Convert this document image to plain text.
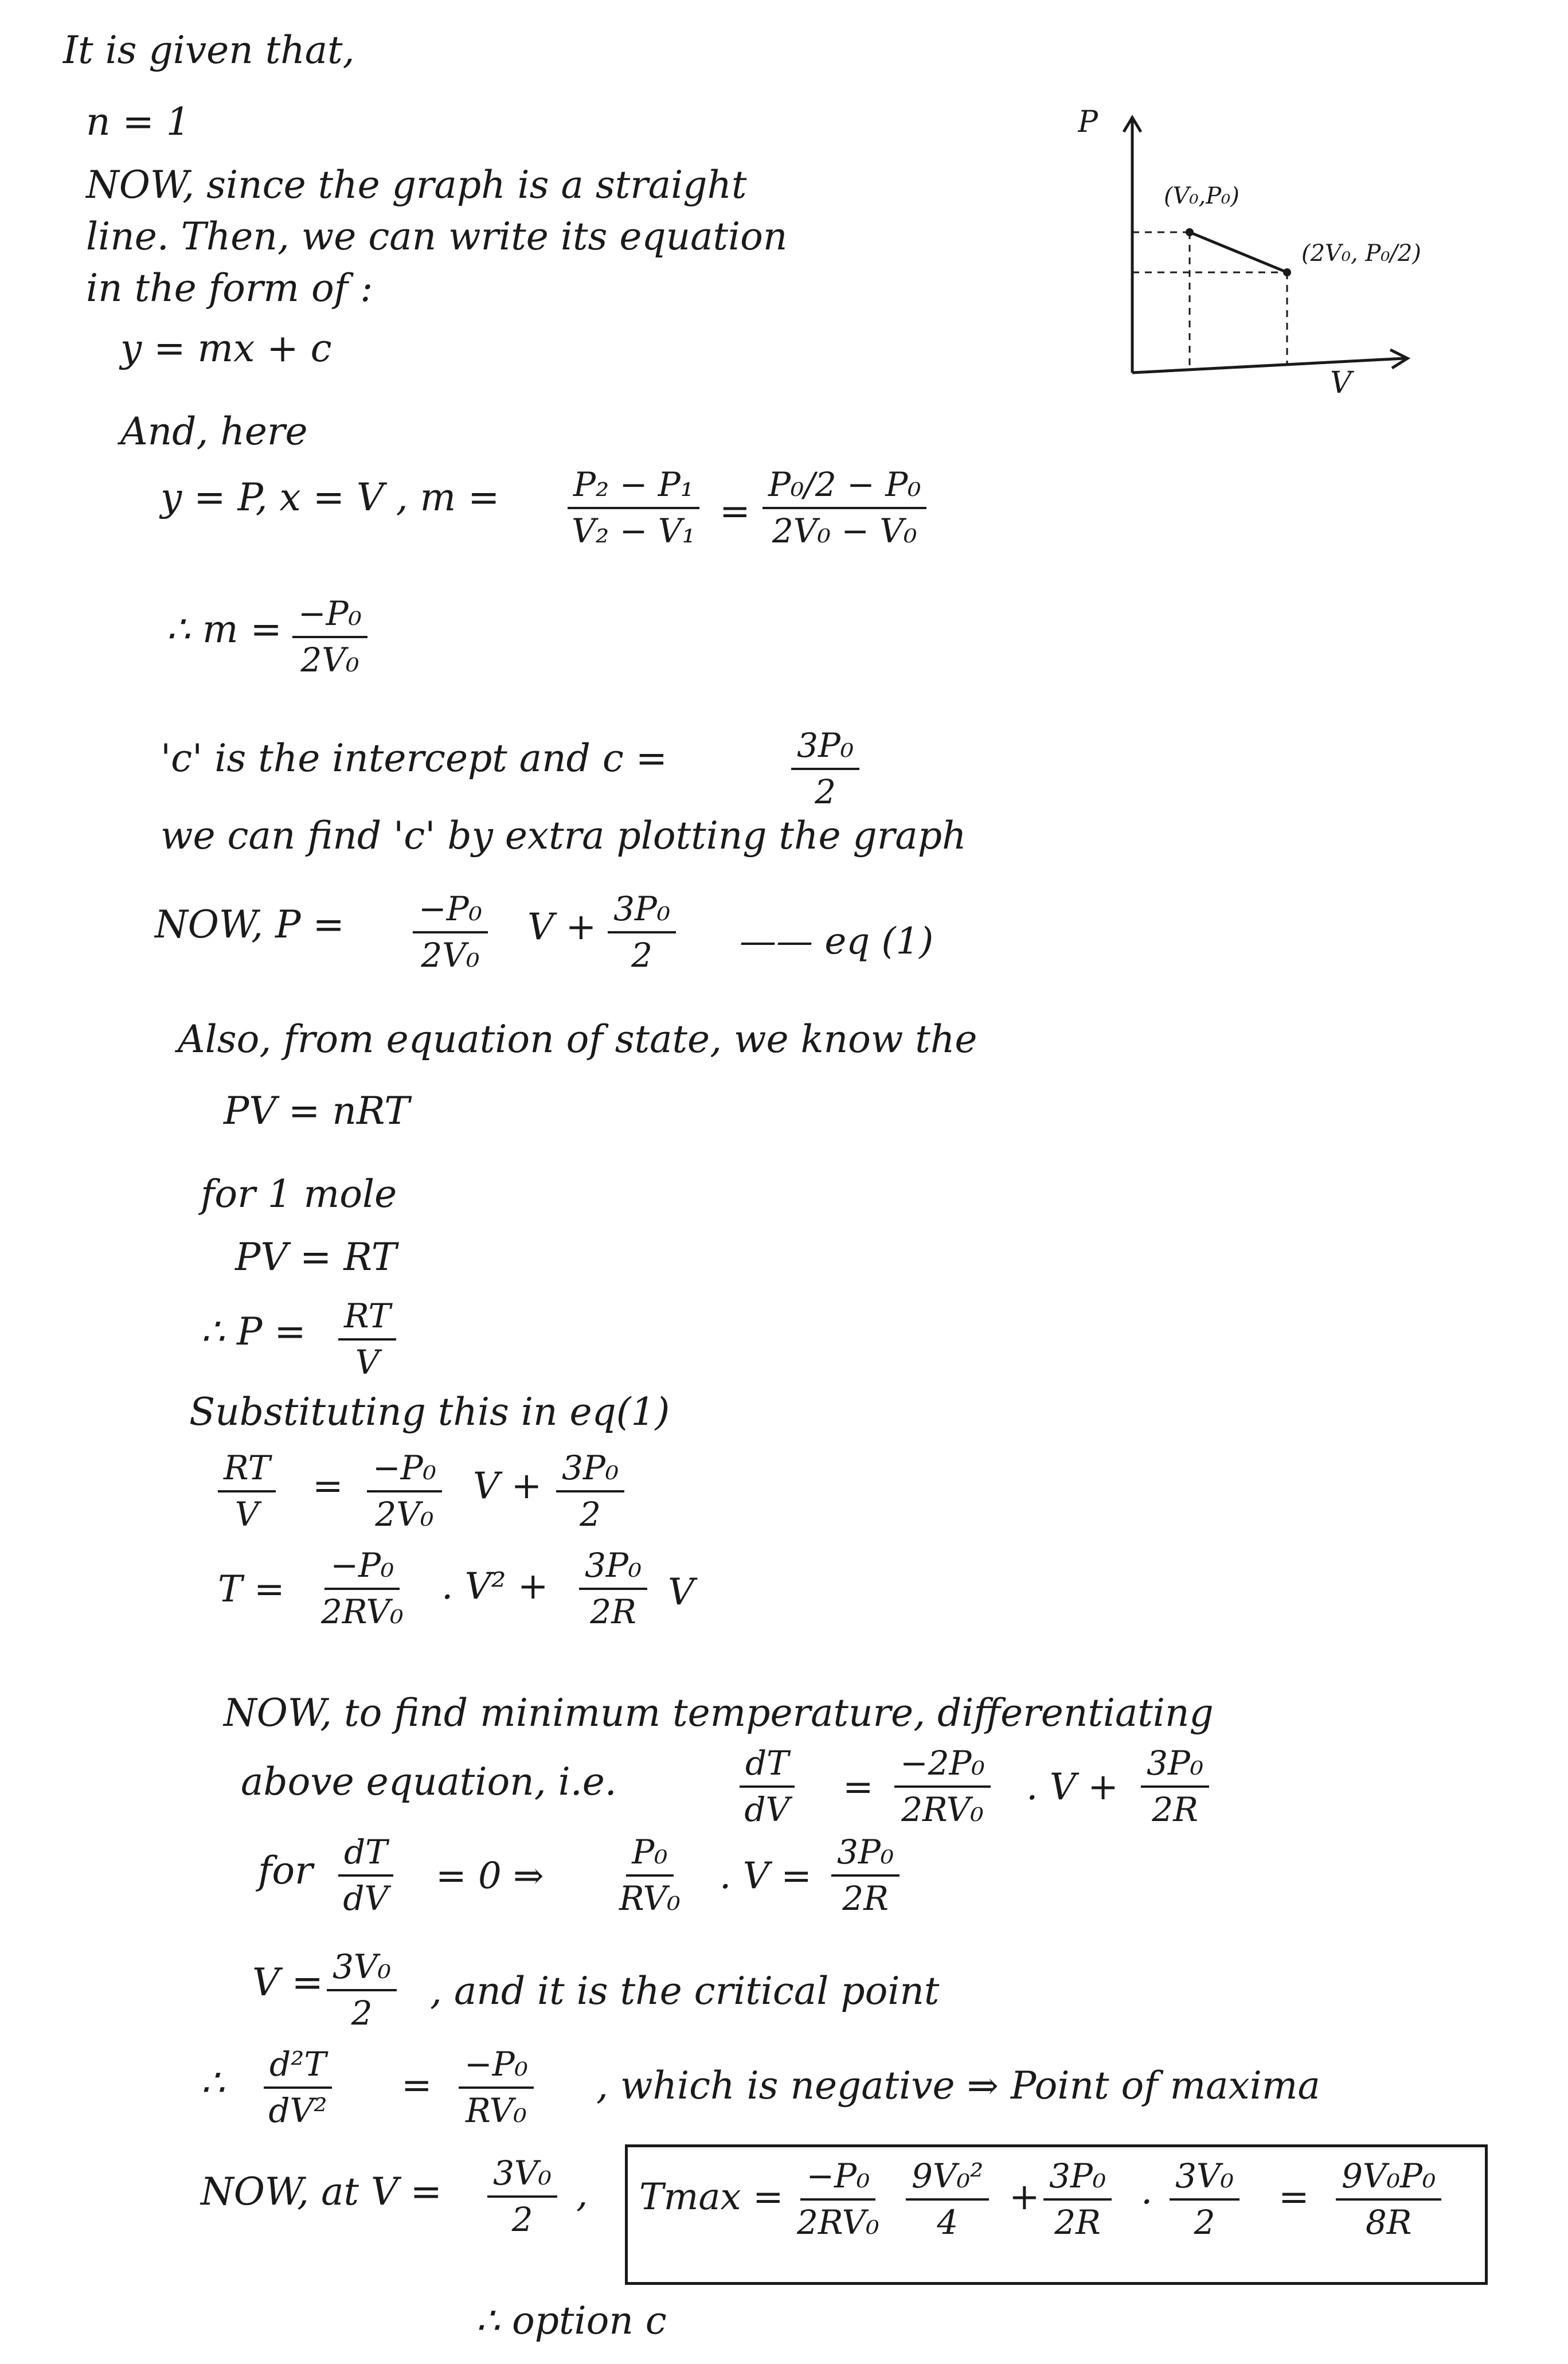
It is given that,
n = 1
NOW, since the graph is a straight
line. Then, we can write its equation
in the form of :
y = mx + c
And, here
P
V
(V₀,P₀)
(2V₀, P₀/2)
y = P, x = V , m = P₂ − P₁
V₂ − V₁ =
P₀/2 − P₀
2V₀ − V₀
∴ m = −P₀
2V₀
'c' is the intercept and c =	3P₀
2
we can find 'c' by extra plotting the graph
NOW, P = −P₀
2V₀
V + 3P₀
2 —— eq (1)
Also, from equation of state, we know the
PV = nRT
for 1 mole
PV = RT
∴ P = RT
V
Substituting this in eq(1)
RT
V
= −P₀
2V₀
V + 3P₀
2
T =
−P₀
2RV₀
. V² + 3P₀
2R V
NOW, to find minimum temperature, differentiating
above equation, i.e.	dT
dV
=
−2P₀
2RV₀
. V +
3P₀
2R
for dT
dV
= 0 ⇒
P₀
RV₀
. V =
3P₀
2R
V = 3V₀
2 , and it is the critical point
∴ d²T
dV²
= −P₀
RV₀
, which is negative ⇒ Point of maxima
NOW, at V = 3V₀
2
, Tmax = −P₀
2RV₀
9V₀²
4
+ 3P₀
2R
. 3V₀
2
= 9V₀P₀
8R
∴ option c
